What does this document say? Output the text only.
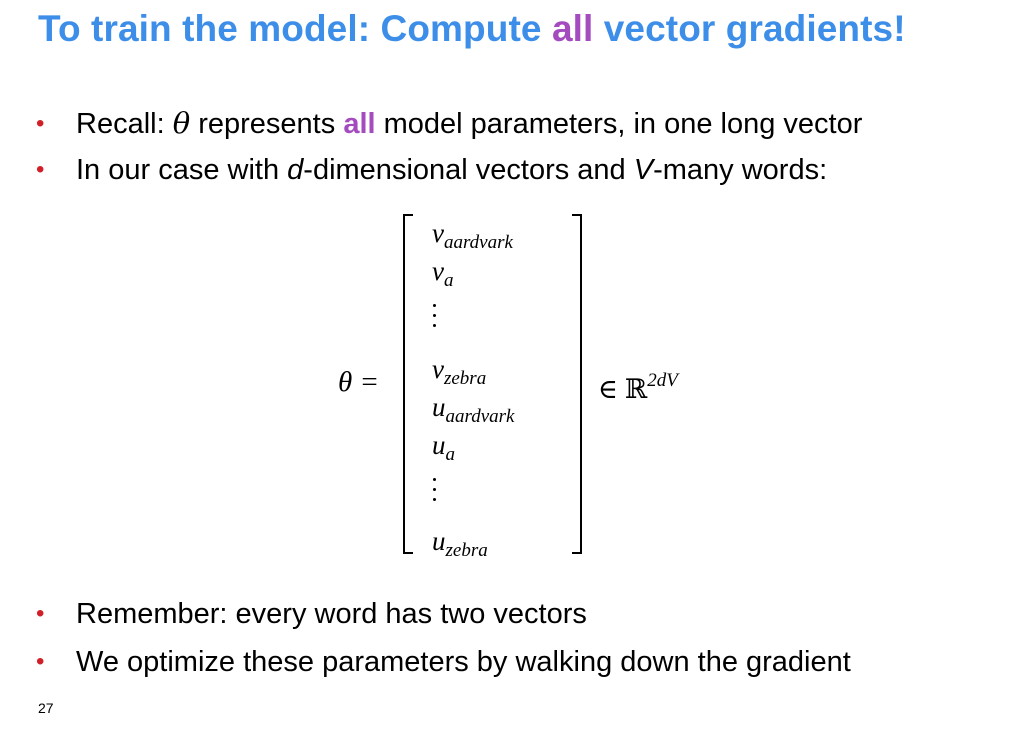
To train the model: Compute all vector gradients!
• Recall: θ represents all model parameters, in one long vector
• In our case with d-dimensional vectors and V-many words:
θ =
$v_{aardvark}$
$v_a$
$v_{zebra}$
$u_{aardvark}$
$u_a$
$u_{zebra}$
∈ ℝ$^{2dV}$
• Remember: every word has two vectors
• We optimize these parameters by walking down the gradient
27
